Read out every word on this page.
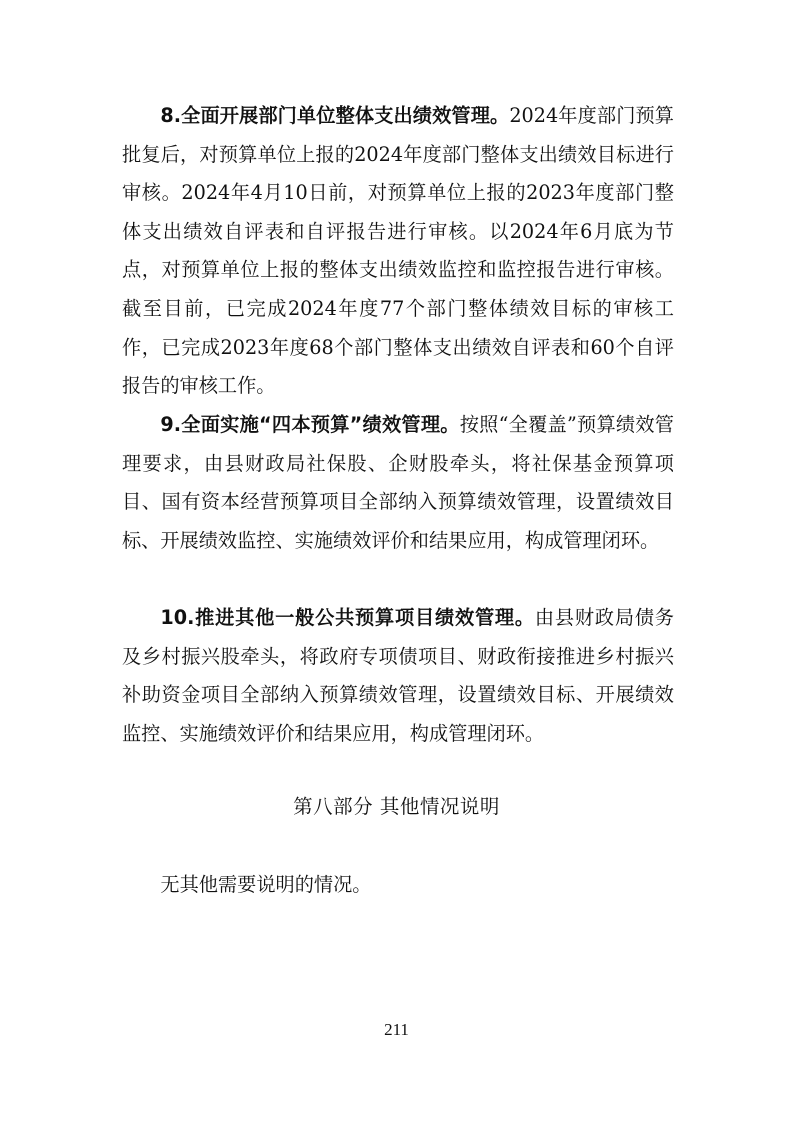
8.全面开展部门单位整体支出绩效管理。2024年度部门预算批复后，对预算单位上报的2024年度部门整体支出绩效目标进行审核。2024年4月10日前，对预算单位上报的2023年度部门整体支出绩效自评表和自评报告进行审核。以2024年6月底为节点，对预算单位上报的整体支出绩效监控和监控报告进行审核。截至目前，已完成2024年度77个部门整体绩效目标的审核工作，已完成2023年度68个部门整体支出绩效自评表和60个自评报告的审核工作。

9.全面实施“四本预算”绩效管理。按照“全覆盖”预算绩效管理要求，由县财政局社保股、企财股牵头，将社保基金预算项目、国有资本经营预算项目全部纳入预算绩效管理，设置绩效目标、开展绩效监控、实施绩效评价和结果应用，构成管理闭环。

10.推进其他一般公共预算项目绩效管理。由县财政局债务及乡村振兴股牵头，将政府专项债项目、财政衔接推进乡村振兴补助资金项目全部纳入预算绩效管理，设置绩效目标、开展绩效监控、实施绩效评价和结果应用，构成管理闭环。

第八部分 其他情况说明

无其他需要说明的情况。

211
